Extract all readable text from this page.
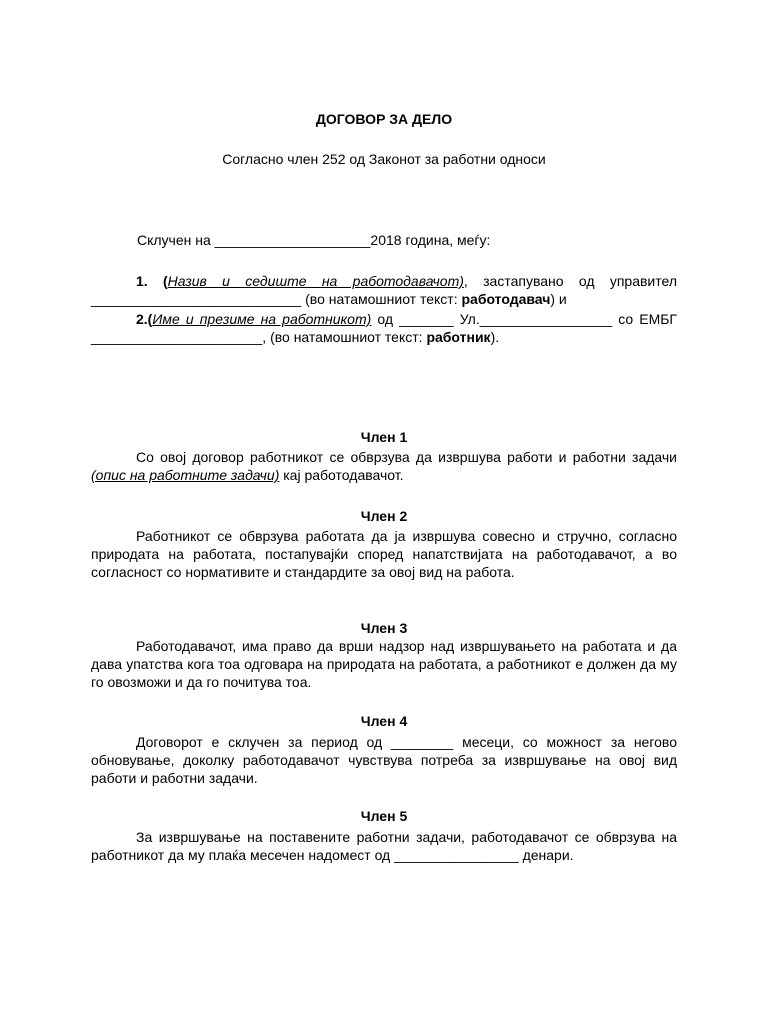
ДОГОВОР ЗА ДЕЛО
Согласно член 252 од Законот за работни односи
Склучен на ____________________2018 година, меѓу:
1. (Назив и седиште на работодавачот), застапувано од управител ___________________________ (во натамошниот текст: работодавач) и
2.(Име и презиме на работникот) од _______ Ул._________________ со ЕМБГ ______________________, (во натамошниот текст: работник).
Член 1
Со овој договор работникот се обврзува да извршува работи и работни задачи (опис на работните задачи) кај работодавачот.
Член 2
Работникот се обврзува работата да ја извршува совесно и стручно, согласно природата на работата, постапувајќи според напатствијата на работодавачот, а во согласност со нормативите и стандардите за овој вид на работа.
Член 3
Работодавачот, има право да врши надзор над извршувањето на работата и да дава упатства кога тоа одговара на природата на работата, а работникот е должен да му го овозможи и да го почитува тоа.
Член 4
Договорот е склучен за период од ________ месеци, со можност за негово обновување, доколку работодавачот чувствува потреба за извршување на овој вид работи и работни задачи.
Член 5
За извршување на поставените работни задачи, работодавачот се обврзува на работникот да му плаќа месечен надомест од ________________ денари.
